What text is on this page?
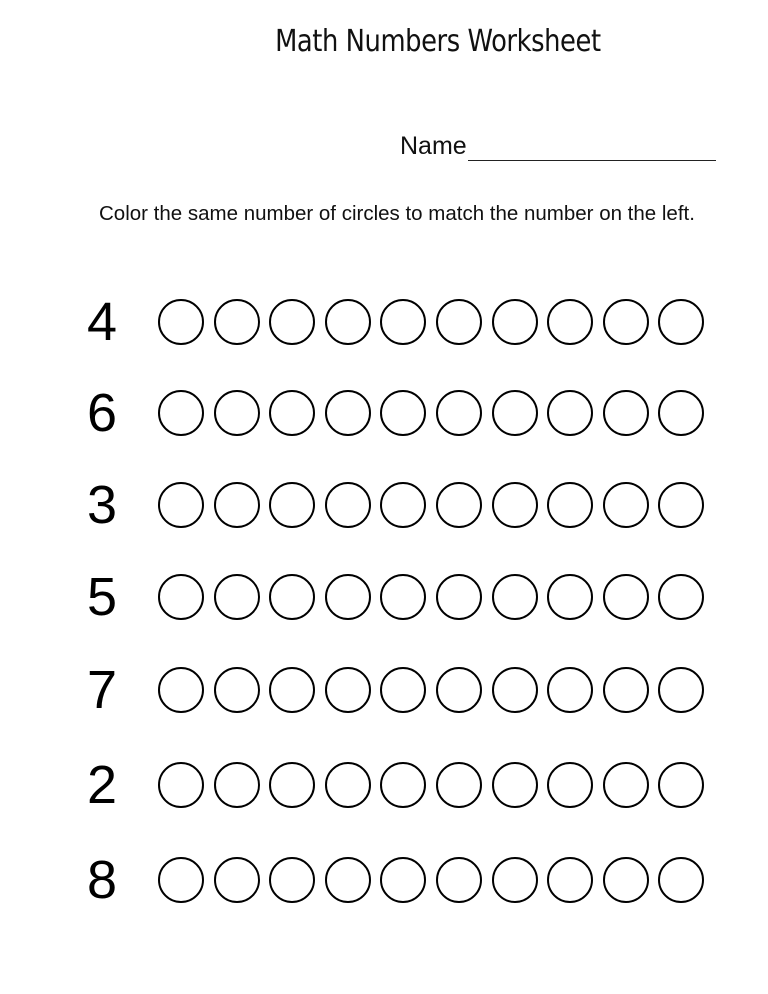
Math Numbers Worksheet
Name
Color the same number of circles to match the number on the left.
4
6
3
5
7
2
8
